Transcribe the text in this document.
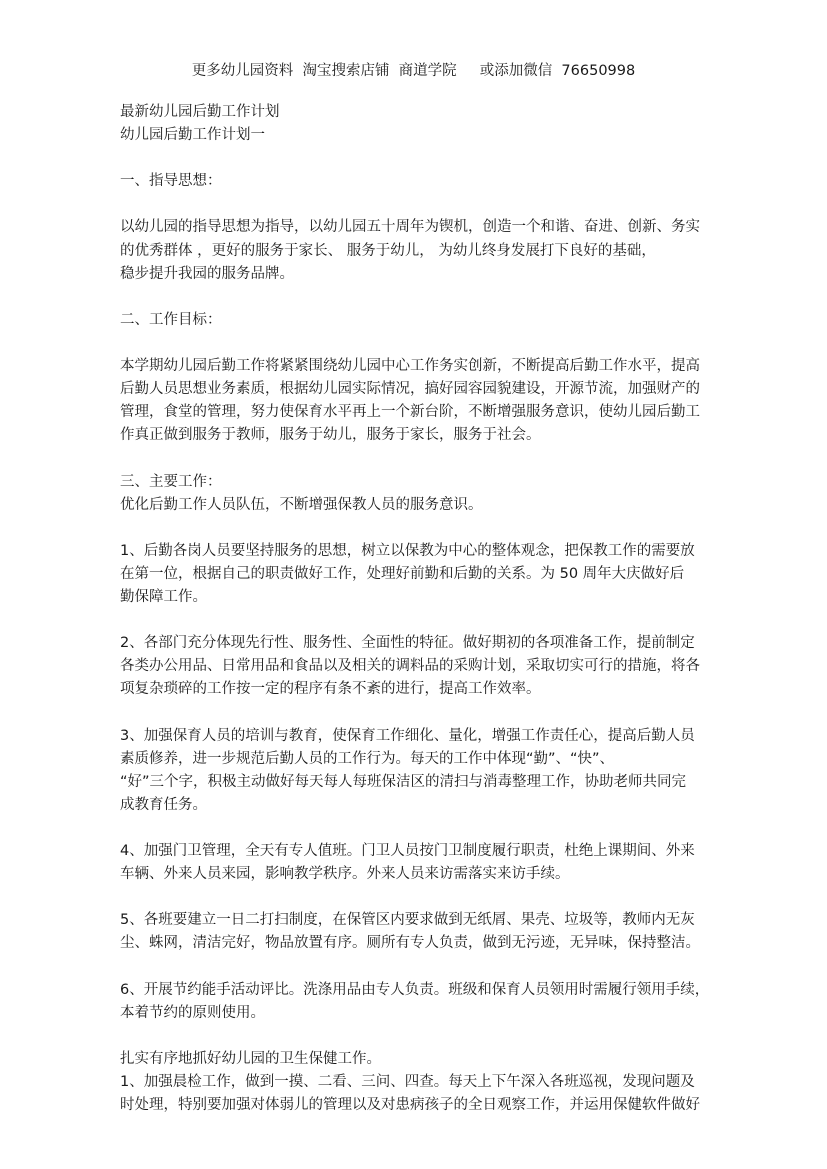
更多幼儿园资料  淘宝搜索店铺  商道学院     或添加微信  76650998

最新幼儿园后勤工作计划

幼儿园后勤工作计划一

一、指导思想：

以幼儿园的指导思想为指导，以幼儿园五十周年为锲机，创造一个和谐、奋进、创新、务实

的优秀群体 ，更好的服务于家长、 服务于幼儿， 为幼儿终身发展打下良好的基础，

稳步提升我园的服务品牌。

二、工作目标：

本学期幼儿园后勤工作将紧紧围绕幼儿园中心工作务实创新，不断提高后勤工作水平，提高

后勤人员思想业务素质，根据幼儿园实际情况，搞好园容园貌建设，开源节流，加强财产的

管理，食堂的管理，努力使保育水平再上一个新台阶，不断增强服务意识，使幼儿园后勤工

作真正做到服务于教师，服务于幼儿，服务于家长，服务于社会。

三、主要工作：

优化后勤工作人员队伍，不断增强保教人员的服务意识。

1、后勤各岗人员要坚持服务的思想，树立以保教为中心的整体观念，把保教工作的需要放

在第一位，根据自己的职责做好工作，处理好前勤和后勤的关系。为 50 周年大庆做好后

勤保障工作。

2、各部门充分体现先行性、服务性、全面性的特征。做好期初的各项准备工作，提前制定

各类办公用品、日常用品和食品以及相关的调料品的采购计划，采取切实可行的措施，将各

项复杂琐碎的工作按一定的程序有条不紊的进行，提高工作效率。

3、加强保育人员的培训与教育，使保育工作细化、量化，增强工作责任心，提高后勤人员

素质修养，进一步规范后勤人员的工作行为。每天的工作中体现“勤”、“快”、

“好”三个字，积极主动做好每天每人每班保洁区的清扫与消毒整理工作，协助老师共同完

成教育任务。

4、加强门卫管理，全天有专人值班。门卫人员按门卫制度履行职责，杜绝上课期间、外来

车辆、外来人员来园，影响教学秩序。外来人员来访需落实来访手续。

5、各班要建立一日二打扫制度，在保管区内要求做到无纸屑、果壳、垃圾等，教师内无灰

尘、蛛网，清洁完好，物品放置有序。厕所有专人负责，做到无污迹，无异味，保持整洁。

6、开展节约能手活动评比。洗涤用品由专人负责。班级和保育人员领用时需履行领用手续，

本着节约的原则使用。

扎实有序地抓好幼儿园的卫生保健工作。

1、加强晨检工作，做到一摸、二看、三问、四查。每天上下午深入各班巡视，发现问题及

时处理，特别要加强对体弱儿的管理以及对患病孩子的全日观察工作，并运用保健软件做好
